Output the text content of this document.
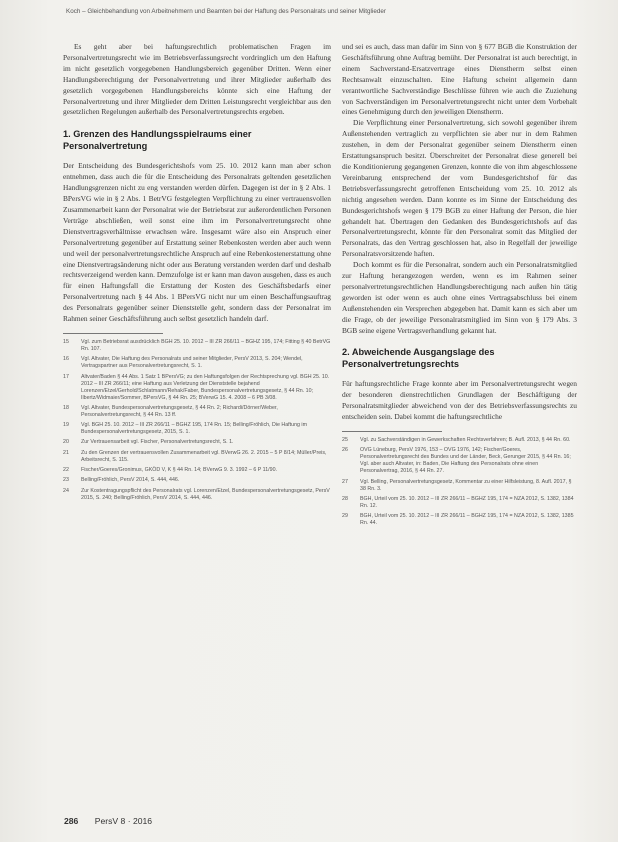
Koch – Gleichbehandlung von Arbeitnehmern und Beamten bei der Haftung des Personalrats und seiner Mitglieder

Es geht aber bei haftungsrechtlich problematischen Fragen im Personalvertretungsrecht wie im Betriebsverfassungsrecht vordringlich um den Haftung im nicht gesetzlich vorgegebenen Handlungsbereich gegenüber Dritten. Wenn einer Handlungsberechtigung der Personalvertretung und ihrer Mitglieder außerhalb des gesetzlich vorgegebenen Handlungsbereichs könnte sich eine Haftung der Personalvertretung und ihrer Mitglieder dem Dritten Leistungsrecht vergleichbar aus den gesetzlichen Regelungen außerhalb des Personalvertretungsrechts ergeben.

1. Grenzen des Handlungsspielraums einer Personalvertretung

Der Entscheidung des Bundesgerichtshofs vom 25. 10. 2012 kann man aber schon entnehmen, dass auch die für die Entscheidung des Personalrats geltenden gesetzlichen Handlungsgrenzen nicht zu eng verstanden werden dürfen. Dagegen ist der in § 2 Abs. 1 BPersVG wie in § 2 Abs. 1 BetrVG festgelegten Verpflichtung zu einer vertrauensvollen Zusammenarbeit kann der Personalrat wie der Betriebsrat zur außerordentlichen Personen Verträge abschließen, weil sonst eine ihm im Personalvertretungsrecht ohne Dienstvertragsverhältnisse erwachsen wäre. Insgesamt wäre also ein Anspruch einer Personalvertretung gegenüber auf Erstattung seiner Rebenkosten werden aber auch wenn und weil der personalvertretungsrechtliche Anspruch auf eine Rebenkostenerstattung ohne eine Dienstvertragsänderung nicht oder aus Beratung verstanden werden darf und deshalb rechtsverzeigend werden kann. Demzufolge ist er kann man davon ausgehen, dass es auch für einen Haftungsfall die Erstattung der Kosten des Geschäftsbedarfs einer Personalvertretung nach § 44 Abs. 1 BPersVG nicht nur um einen Beschaffungsauftrag des Personalrats gegenüber seiner Dienststelle geht, sondern dass der Personalrat im Rahmen seiner Geschäftsführung auch selbst gesetzlich handeln darf.

15	Vgl. zum Betriebsrat ausdrücklich BGH 25. 10. 2012 – III ZR 266/11 – BGHZ 195, 174; Fitting § 40 BetrVG Rn. 107.
16	Vgl. Altvater, Die Haftung des Personalrats und seiner Mitglieder, PersV 2013, S. 204; Wendel, Vertragspartner aus Personalvertretungsrecht, S. 1.
17	Altvater/Baden § 44 Abs. 1 Satz 1 BPersVG; zu den Haftungsfolgen der Rechtsprechung vgl. BGH 25. 10. 2012 – III ZR 266/11; eine Haftung aus Verletzung der Dienststelle bejahend Lorenzen/Etzel/Gerhold/Schlatmann/Rehak/Faber, Bundespersonalvertretungsgesetz, § 44 Rn. 10; Ilbertz/Widmaier/Sommer, BPersVG, § 44 Rn. 25; BVerwG 15. 4. 2008 – 6 PB 3/08.
18	Vgl. Altvater, Bundespersonalvertretungsgesetz, § 44 Rn. 2; Richardi/Dörner/Weber, Personalvertretungsrecht, § 44 Rn. 13 ff.
19	Vgl. BGH 25. 10. 2012 – III ZR 266/11 – BGHZ 195, 174 Rn. 15; Belling/Fröhlich, Die Haftung im Bundespersonalvertretungsgesetz, 2015, S. 1.
20	Zur Vertrauensarbeit vgl. Fischer, Personalvertretungsrecht, S. 1.
21	Zu den Grenzen der vertrauensvollen Zusammenarbeit vgl. BVerwG 26. 2. 2015 – 5 P 8/14; Müller/Preis, Arbeitsrecht, S. 115.
22	Fischer/Goeres/Gronimus, GKÖD V, K § 44 Rn. 14; BVerwG 9. 3. 1992 – 6 P 11/90.
23	Belling/Fröhlich, PersV 2014, S. 444, 446.
24	Zur Kostentragungspflicht des Personalrats vgl. Lorenzen/Etzel, Bundespersonalvertretungsgesetz, PersV 2015, S. 240; Belling/Fröhlich, PersV 2014, S. 444, 446.

und sei es auch, dass man dafür im Sinn von § 677 BGB die Konstruktion der Geschäftsführung ohne Auftrag bemüht. Der Personalrat ist auch berechtigt, in einem Sachverstand-Ersatzvertrage eines Dienstherrn selbst einen Rechtsanwalt einzuschalten. Eine Haftung scheint allgemein dann verantwortliche Sachverständige Beschlüsse führen wie auch die Zuziehung von Sachverständigen im Personalvertretungsrecht nicht unter dem Vorbehalt eines Genehmigung durch den jeweiligen Dienstherrn.

Die Verpflichtung einer Personalvertretung, sich sowohl gegenüber ihrem Außenstehenden vertraglich zu verpflichten sie aber nur in dem Rahmen zustehen, in dem der Personalrat gegenüber seinem Dienstherrn einen Erstattungsanspruch besitzt. Überschreitet der Personalrat diese generell bei die Konditionierung gegangenen Grenzen, konnte die von ihm abgeschlossene Vereinbarung entsprechend der vom Bundesgerichtshof für das Betriebsverfassungsrecht getroffenen Entscheidung vom 25. 10. 2012 als nichtig angesehen werden. Dann konnte es im Sinne der Entscheidung des Bundesgerichtshofs wegen § 179 BGB zu einer Haftung der Person, die hier gehandelt hat. Übertragen den Gedanken des Bundesgerichtshofs auf das Personalvertretungsrecht, könnte für den Personalrat somit das Mitglied der Personalrats, das den Vertrag geschlossen hat, also in Regelfall der jeweilige Personalratsvorsitzende haften.

Doch kommt es für die Personalrat, sondern auch ein Personalratsmitglied zur Haftung herangezogen werden, wenn es im Rahmen seiner personalvertretungsrechtlichen Handlungsberechtigung nach außen hin tätig geworden ist oder wenn es auch ohne eines Vertragsabschluss bei einem Außenstehenden ein Versprechen abgegeben hat. Damit kann es sich aber um die Frage, ob der jeweilige Personalratsmitglied im Sinn von § 179 Abs. 3 BGB seine eigene Vertragsverhandlung gekannt hat.

2. Abweichende Ausgangslage des Personalvertretungsrechts

Für haftungsrechtliche Frage konnte aber im Personalvertretungsrecht wegen der besonderen dienstrechtlichen Grundlagen der Beschäftigung der Personalratsmitglieder abweichend von der des Betriebsverfassungsrechts zu entscheiden sein. Dabei kommt die haftungsrechtliche

25	Vgl. zu Sachverständigen in Gewerkschaften Rechtsverfahren; B. Aufl. 2013, § 44 Rn. 60.
26	OVG Lüneburg, PersV 1976, 153 – OVG 1976, 142; Fischer/Goeres, Personalvertretungsrecht des Bundes und der Länder, Beck, Gerunger 2015, § 44 Rn. 16; Vgl. aber auch Altvater, in: Baden, Die Haftung des Personalrats ohne einen Personalvertrag, 2016, § 44 Rn. 27.
27	Vgl. Belling, Personalvertretungsgesetz, Kommentar zu einer Hilfsleistung, 8. Aufl. 2017, § 38 Rn. 3.
28	BGH, Urteil vom 25. 10. 2012 – III ZR 266/11 – BGHZ 195, 174 = NZA 2012, S. 1382, 1384 Rn. 12.
29	BGH, Urteil vom 25. 10. 2012 – III ZR 266/11 – BGHZ 195, 174 = NZA 2012, S. 1382, 1385 Rn. 44.
286 PersV 8 · 2016
